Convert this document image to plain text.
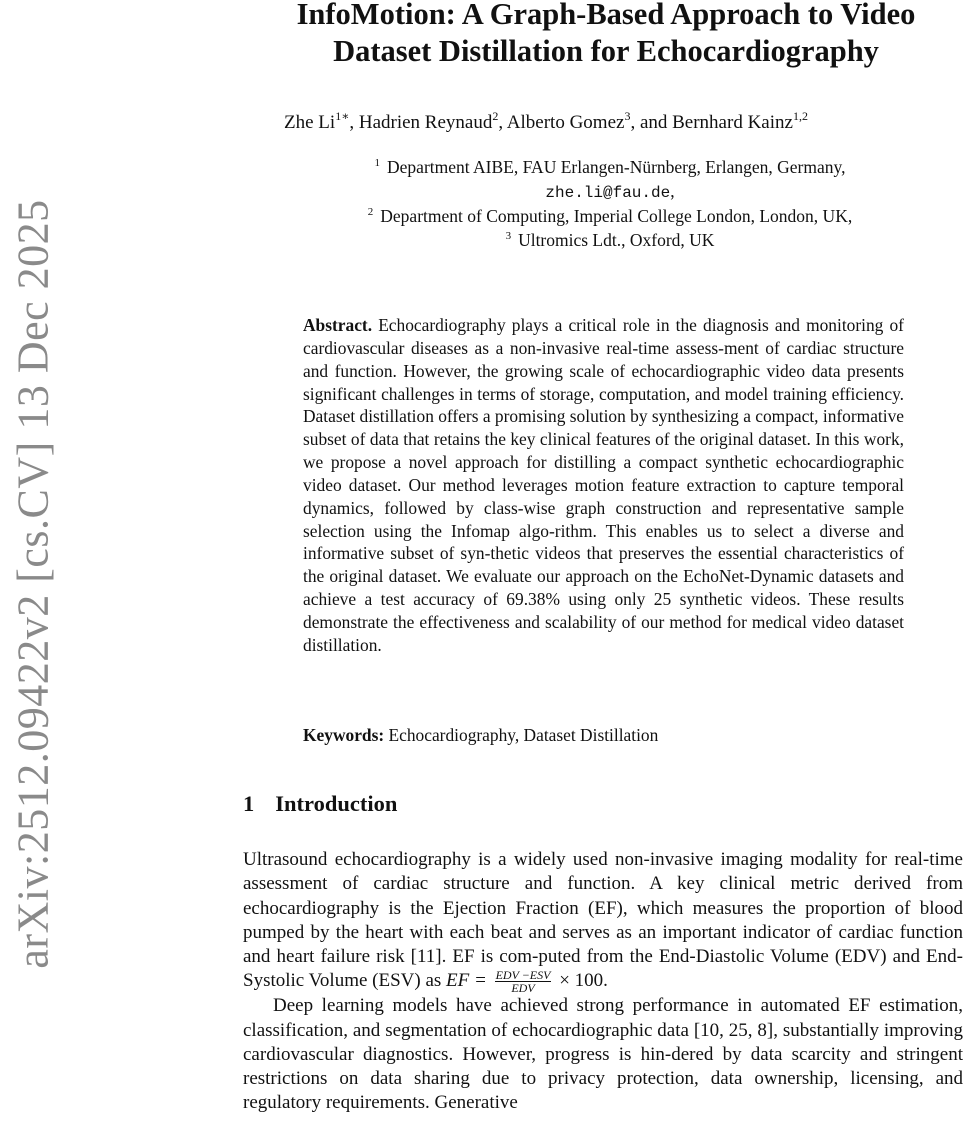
arXiv:2512.09422v2 [cs.CV] 13 Dec 2025
InfoMotion: A Graph-Based Approach to Video
Dataset Distillation for Echocardiography
Zhe $Li^{1∗}$, Hadrien Reynaud$^2$, Alberto Gomez$^3$, and Bernhard Kainz$^{1,2}$
$^1$ Department AIBE, FAU Erlangen-Nürnberg, Erlangen, Germany,
zhe.li@fau.de,
$^2$ Department of Computing, Imperial College London, London, UK,
$^3$ Ultromics Ldt., Oxford, UK
Abstract. Echocardiography plays a critical role in the diagnosis and monitoring of cardiovascular diseases as a non-invasive real-time assess-ment of cardiac structure and function. However, the growing scale of echocardiographic video data presents significant challenges in terms of storage, computation, and model training efficiency. Dataset distillation offers a promising solution by synthesizing a compact, informative subset of data that retains the key clinical features of the original dataset. In this work, we propose a novel approach for distilling a compact synthetic echocardiographic video dataset. Our method leverages motion feature extraction to capture temporal dynamics, followed by class-wise graph construction and representative sample selection using the Infomap algo-rithm. This enables us to select a diverse and informative subset of syn-thetic videos that preserves the essential characteristics of the original dataset. We evaluate our approach on the EchoNet-Dynamic datasets and achieve a test accuracy of 69.38% using only 25 synthetic videos. These results demonstrate the effectiveness and scalability of our method for medical video dataset distillation.
Keywords: Echocardiography, Dataset Distillation
1 Introduction

Ultrasound echocardiography is a widely used non-invasive imaging modality for real-time assessment of cardiac structure and function. A key clinical metric derived from echocardiography is the Ejection Fraction (EF), which measures the proportion of blood pumped by the heart with each beat and serves as an important indicator of cardiac function and heart failure risk [11]. EF is com-puted from the End-Diastolic Volume (EDV) and End-Systolic Volume (ESV) as EF = $\frac{\text{EDV −ESV}}{\text{EDV}} \times 100$.

Deep learning models have achieved strong performance in automated EF estimation, classification, and segmentation of echocardiographic data [10, 25, 8], substantially improving cardiovascular diagnostics. However, progress is hin-dered by data scarcity and stringent restrictions on data sharing due to privacy protection, data ownership, licensing, and regulatory requirements. Generative
